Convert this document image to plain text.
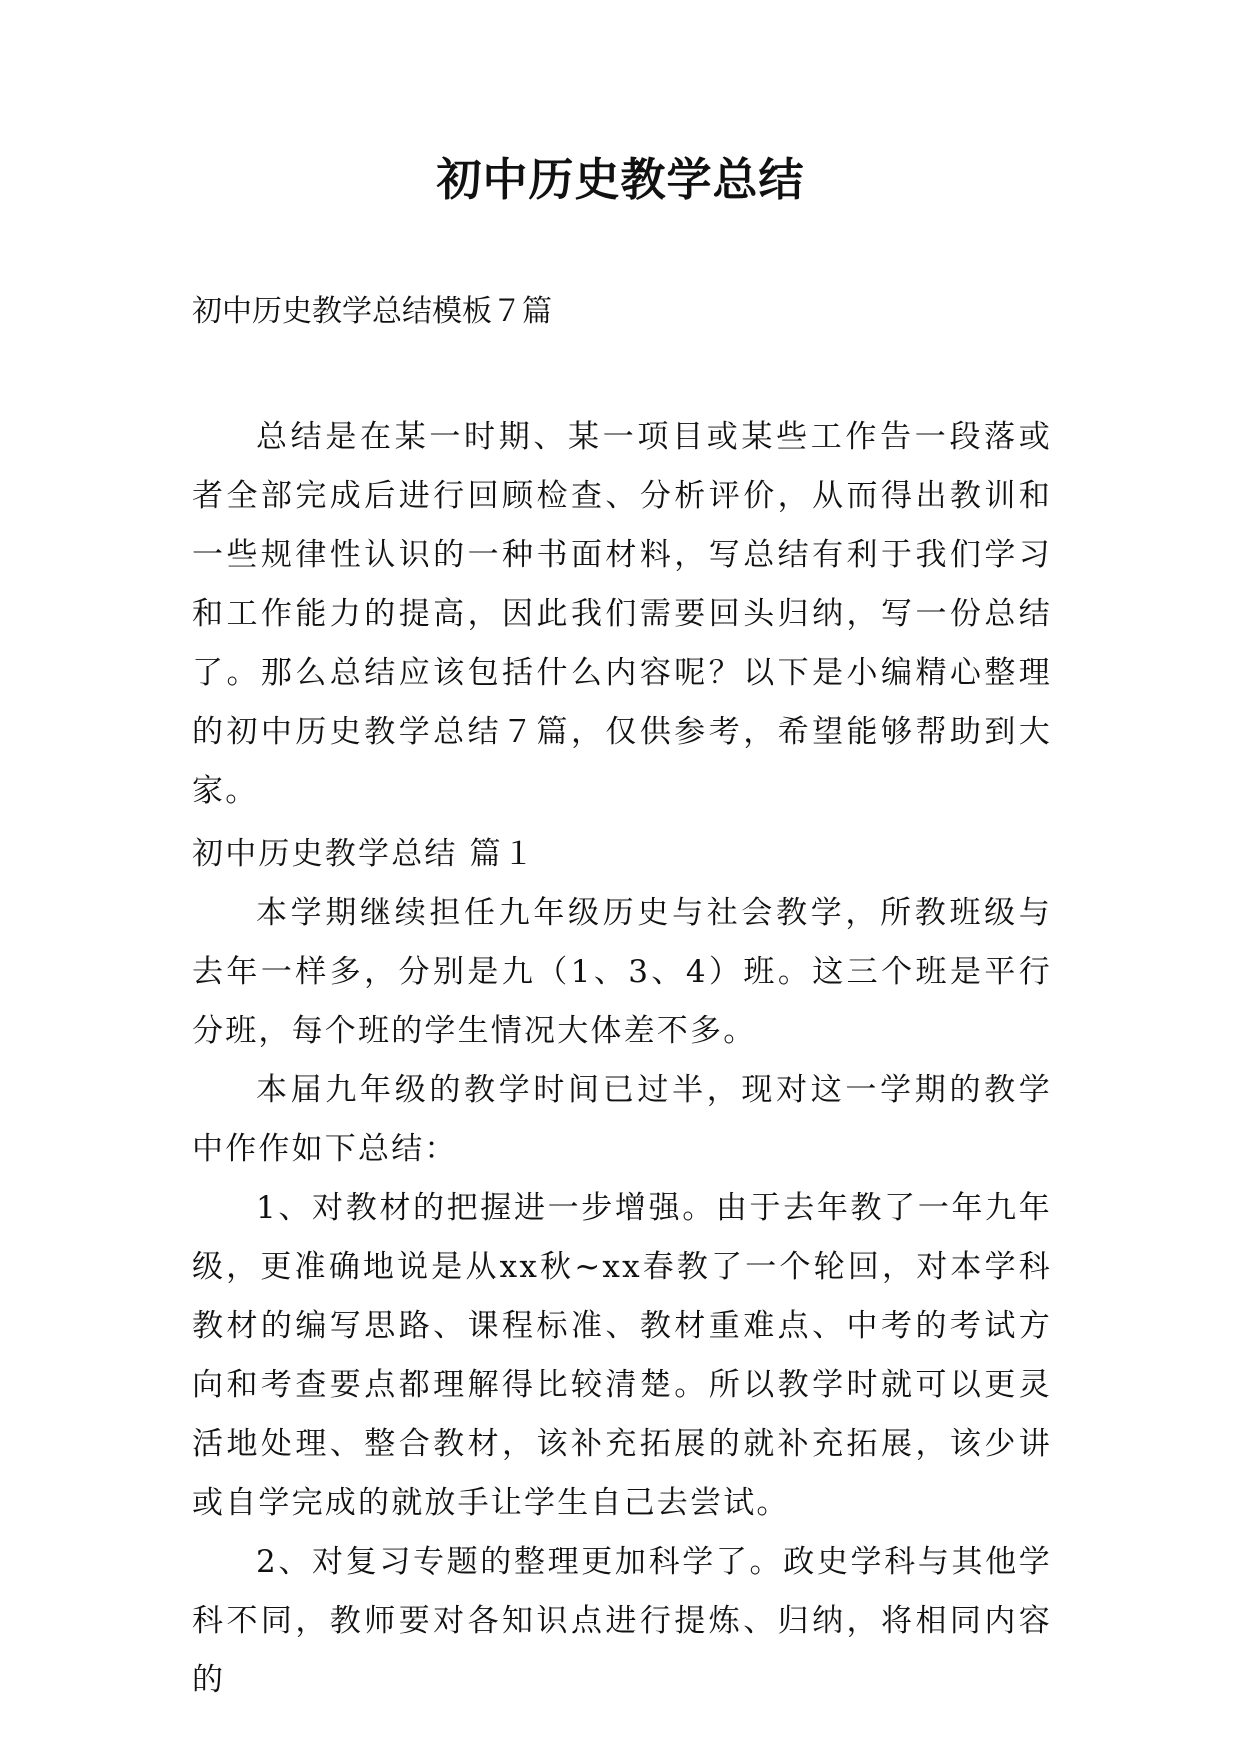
初中历史教学总结

初中历史教学总结模板７篇

总结是在某一时期、某一项目或某些工作告一段落或者全部完成后进行回顾检查、分析评价，从而得出教训和一些规律性认识的一种书面材料，写总结有利于我们学习和工作能力的提高，因此我们需要回头归纳，写一份总结了。那么总结应该包括什么内容呢？以下是小编精心整理的初中历史教学总结７篇，仅供参考，希望能够帮助到大家。

初中历史教学总结 篇１

本学期继续担任九年级历史与社会教学，所教班级与去年一样多，分别是九（1、3、4）班。这三个班是平行分班，每个班的学生情况大体差不多。

本届九年级的教学时间已过半，现对这一学期的教学中作作如下总结：

1、对教材的把握进一步增强。由于去年教了一年九年级，更准确地说是从xx秋~xx春教了一个轮回，对本学科教材的编写思路、课程标准、教材重难点、中考的考试方向和考查要点都理解得比较清楚。所以教学时就可以更灵活地处理、整合教材，该补充拓展的就补充拓展，该少讲或自学完成的就放手让学生自己去尝试。

2、对复习专题的整理更加科学了。政史学科与其他学科不同，教师要对各知识点进行提炼、归纳，将相同内容的
